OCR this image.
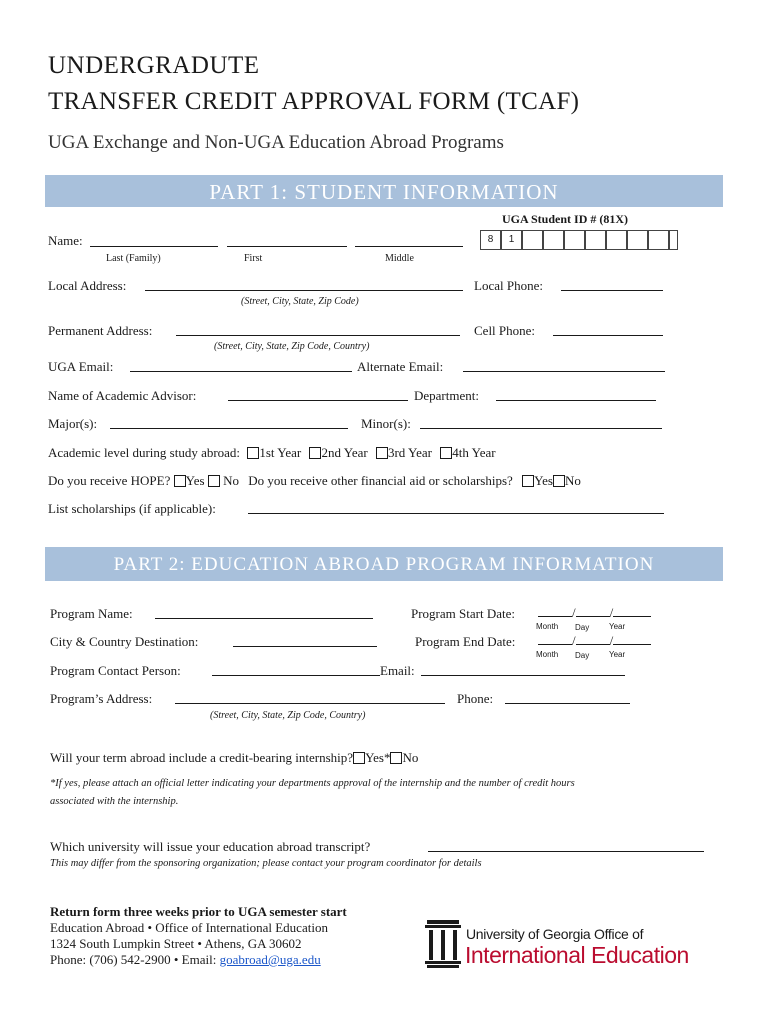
UNDERGRADUTE
TRANSFER CREDIT APPROVAL FORM (TCAF)
UGA Exchange and Non-UGA Education Abroad Programs
PART 1: STUDENT INFORMATION
UGA Student ID # (81X)
8	1
Name:
Last (Family)	First	Middle
Local Address:
(Street, City, State, Zip Code)
Local Phone:
Permanent Address:
(Street, City, State, Zip Code, Country)
Cell Phone:
UGA Email:	Alternate Email:
Name of Academic Advisor:	Department:
Major(s):	Minor(s):
Academic level during study abroad: 1st Year 2nd Year 3rd Year 4th Year
Do you receive HOPE? Yes No Do you receive other financial aid or scholarships? Yes No
List scholarships (if applicable):
PART 2: EDUCATION ABROAD PROGRAM INFORMATION
Program Name:	Program Start Date:	/	/
Month Day Year
City & Country Destination:	Program End Date:	/	/
Month Day Year
Program Contact Person:	Email:
Program’s Address:
(Street, City, State, Zip Code, Country)
Phone:
Will your term abroad include a credit-bearing internship? Yes* No
*If yes, please attach an official letter indicating your departments approval of the internship and the number of credit hours
associated with the internship.
Which university will issue your education abroad transcript?
This may differ from the sponsoring organization; please contact your program coordinator for details
Return form three weeks prior to UGA semester start
Education Abroad • Office of International Education
1324 South Lumpkin Street • Athens, GA 30602
Phone: (706) 542-2900 • Email: goabroad@uga.edu
University of Georgia Office of
International Education
